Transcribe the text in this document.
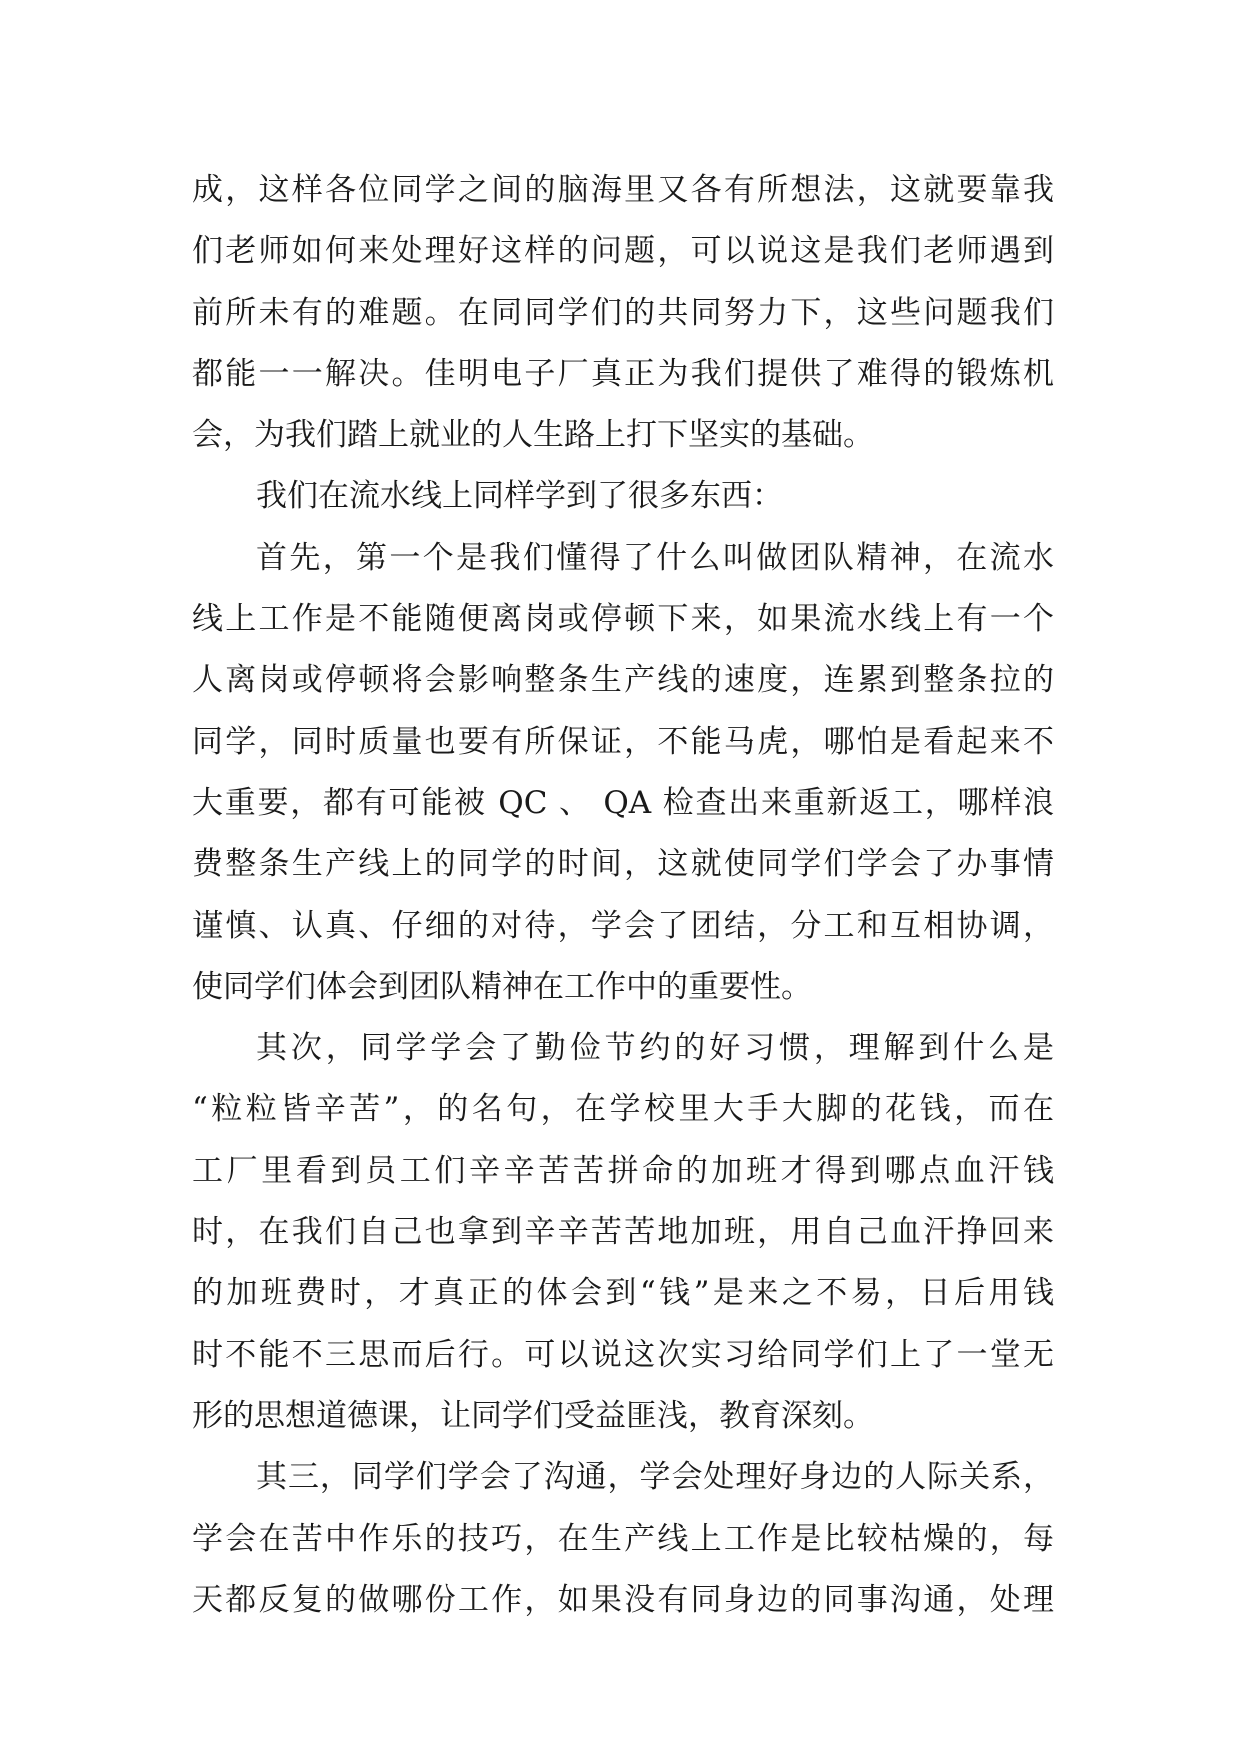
成，这样各位同学之间的脑海里又各有所想法，这就要靠我
们老师如何来处理好这样的问题，可以说这是我们老师遇到
前所未有的难题。在同同学们的共同努力下，这些问题我们
都能一一解决。佳明电子厂真正为我们提供了难得的锻炼机
会，为我们踏上就业的人生路上打下坚实的基础。
我们在流水线上同样学到了很多东西：
首先，第一个是我们懂得了什么叫做团队精神，在流水
线上工作是不能随便离岗或停顿下来，如果流水线上有一个
人离岗或停顿将会影响整条生产线的速度，连累到整条拉的
同学，同时质量也要有所保证，不能马虎，哪怕是看起来不
大重要，都有可能被 QC 、 QA 检查出来重新返工，哪样浪
费整条生产线上的同学的时间，这就使同学们学会了办事情
谨慎、认真、仔细的对待，学会了团结，分工和互相协调，
使同学们体会到团队精神在工作中的重要性。
其次，同学学会了勤俭节约的好习惯，理解到什么是
“粒粒皆辛苦”，的名句，在学校里大手大脚的花钱，而在
工厂里看到员工们辛辛苦苦拼命的加班才得到哪点血汗钱
时，在我们自己也拿到辛辛苦苦地加班，用自己血汗挣回来
的加班费时，才真正的体会到“钱”是来之不易，日后用钱
时不能不三思而后行。可以说这次实习给同学们上了一堂无
形的思想道德课，让同学们受益匪浅，教育深刻。
其三，同学们学会了沟通，学会处理好身边的人际关系，
学会在苦中作乐的技巧，在生产线上工作是比较枯燥的，每
天都反复的做哪份工作，如果没有同身边的同事沟通，处理
